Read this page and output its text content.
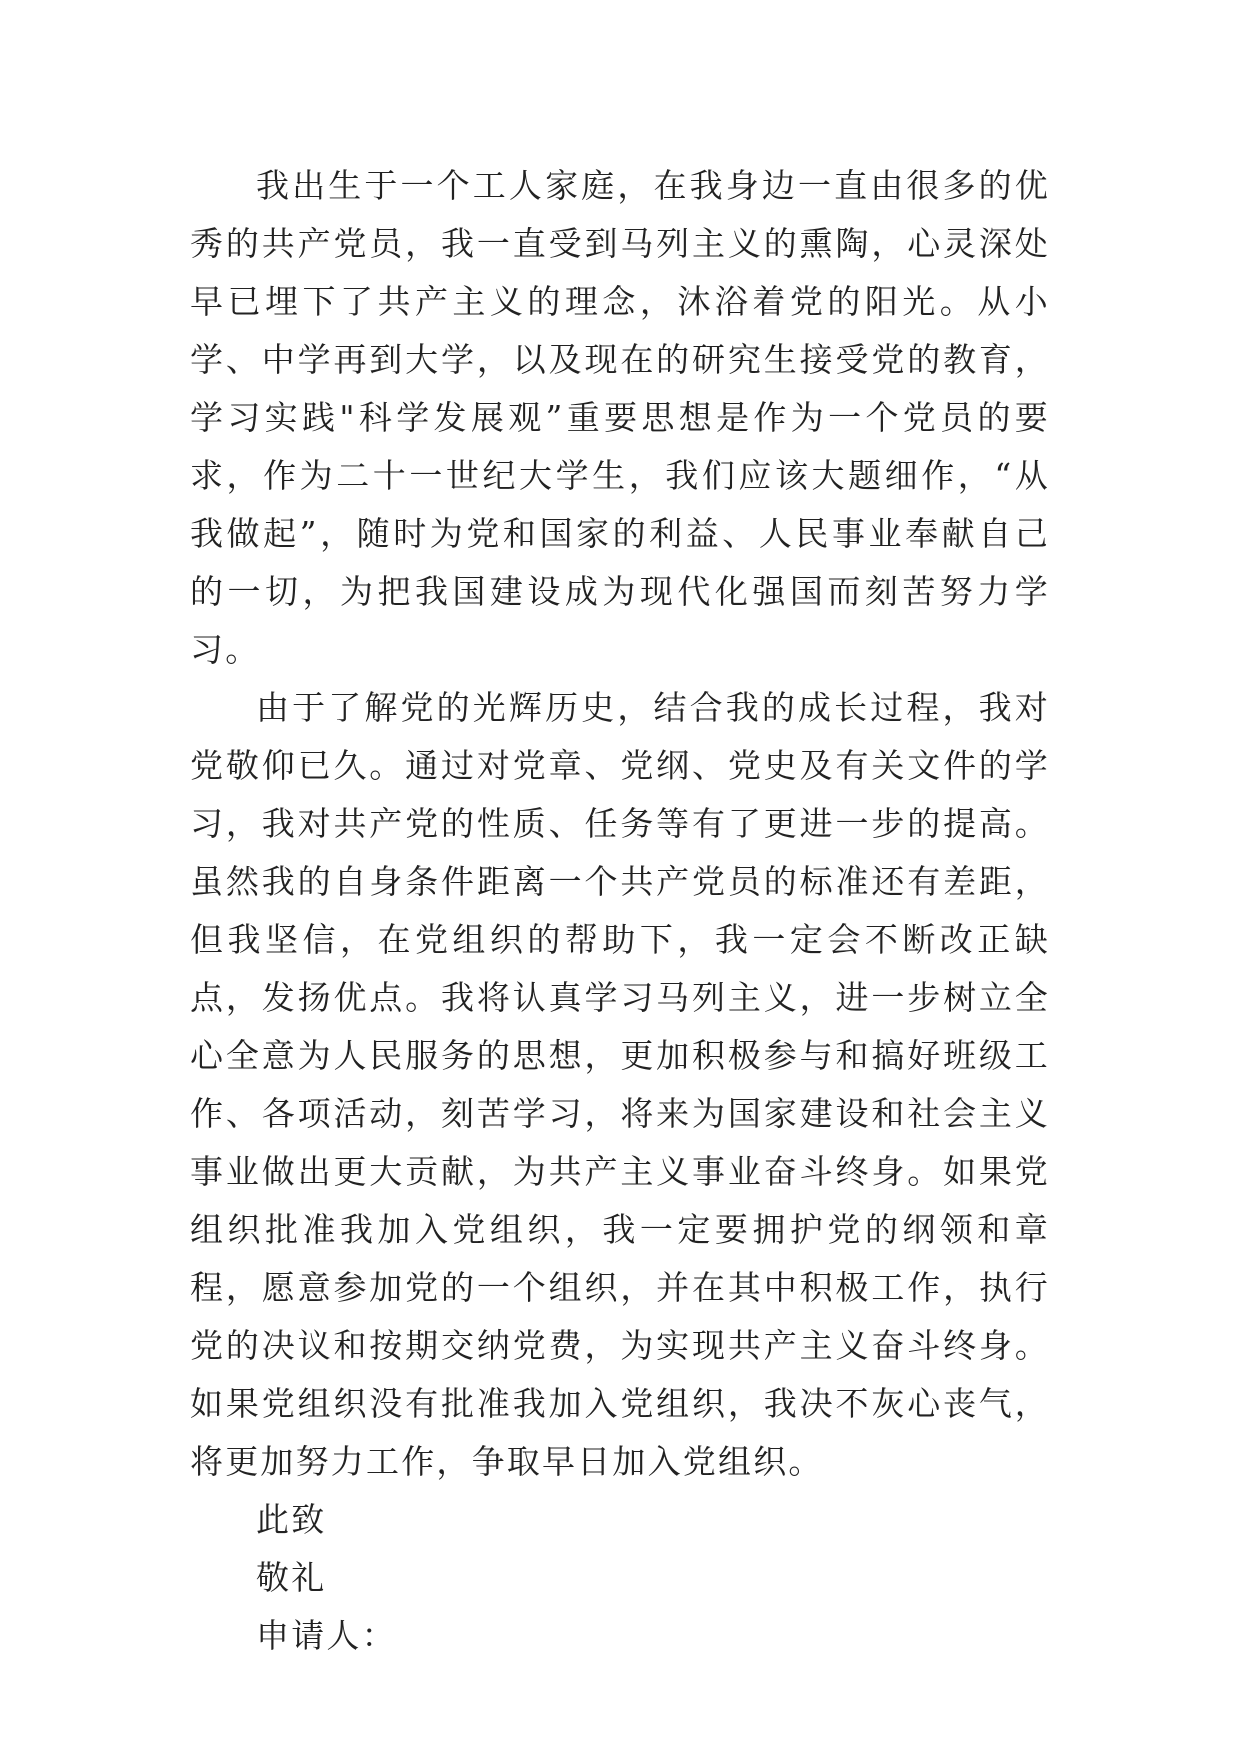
我出生于一个工人家庭，在我身边一直由很多的优秀的共产党员，我一直受到马列主义的熏陶，心灵深处早已埋下了共产主义的理念，沐浴着党的阳光。从小学、中学再到大学，以及现在的研究生接受党的教育，学习实践"科学发展观”重要思想是作为一个党员的要求，作为二十一世纪大学生，我们应该大题细作，“从我做起”，随时为党和国家的利益、人民事业奉献自己的一切，为把我国建设成为现代化强国而刻苦努力学习。

由于了解党的光辉历史，结合我的成长过程，我对党敬仰已久。通过对党章、党纲、党史及有关文件的学习，我对共产党的性质、任务等有了更进一步的提高。虽然我的自身条件距离一个共产党员的标准还有差距，但我坚信，在党组织的帮助下，我一定会不断改正缺点，发扬优点。我将认真学习马列主义，进一步树立全心全意为人民服务的思想，更加积极参与和搞好班级工作、各项活动，刻苦学习，将来为国家建设和社会主义事业做出更大贡献，为共产主义事业奋斗终身。如果党组织批准我加入党组织，我一定要拥护党的纲领和章程，愿意参加党的一个组织，并在其中积极工作，执行党的决议和按期交纳党费，为实现共产主义奋斗终身。如果党组织没有批准我加入党组织，我决不灰心丧气，将更加努力工作，争取早日加入党组织。

此致

敬礼

申请人：
